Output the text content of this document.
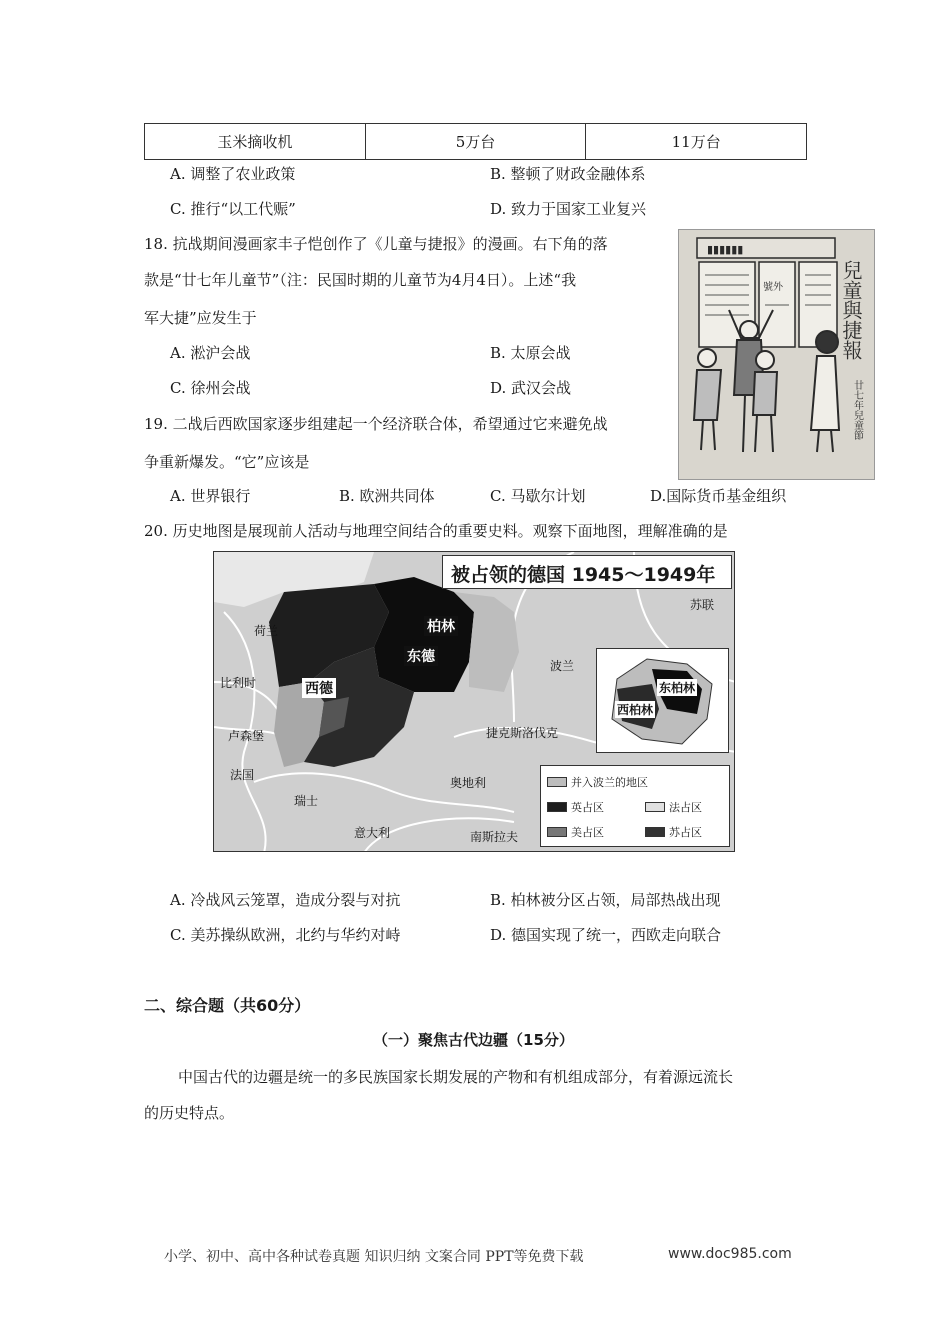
玉米摘收机	5万台	11万台
A. 调整了农业政策	B. 整顿了财政金融体系
C. 推行“以工代赈”	D. 致力于国家工业复兴
18. 抗战期间漫画家丰子恺创作了《儿童与捷报》的漫画。右下角的落
款是“廿七年儿童节”（注：民国时期的儿童节为4月4日）。上述“我
军大捷”应发生于
A. 淞沪会战	B. 太原会战
C. 徐州会战	D. 武汉会战
▮▮▮▮▮▮
號外	兒童與捷報
廿七年兒童節
19. 二战后西欧国家逐步组建起一个经济联合体，希望通过它来避免战
争重新爆发。“它”应该是
A. 世界银行	B. 欧洲共同体	C. 马歇尔计划	D.国际货币基金组织
20. 历史地图是展现前人活动与地理空间结合的重要史料。观察下面地图，理解准确的是
被占领的德国 1945～1949年
荷兰
比利时
卢森堡
法国
瑞士
意大利
奥地利
南斯拉夫
捷克斯洛伐克
波兰
苏联
柏林
东德
西德	东柏林
西柏林
并入波兰的地区
英占区	法占区
美占区	苏占区
A. 冷战风云笼罩，造成分裂与对抗	B. 柏林被分区占领，局部热战出现
C. 美苏操纵欧洲，北约与华约对峙	D. 德国实现了统一，西欧走向联合
二、综合题（共60分）
（一）聚焦古代边疆（15分）
中国古代的边疆是统一的多民族国家长期发展的产物和有机组成部分，有着源远流长
的历史特点。
小学、初中、高中各种试卷真题 知识归纳 文案合同 PPT等免费下载	www.doc985.com
